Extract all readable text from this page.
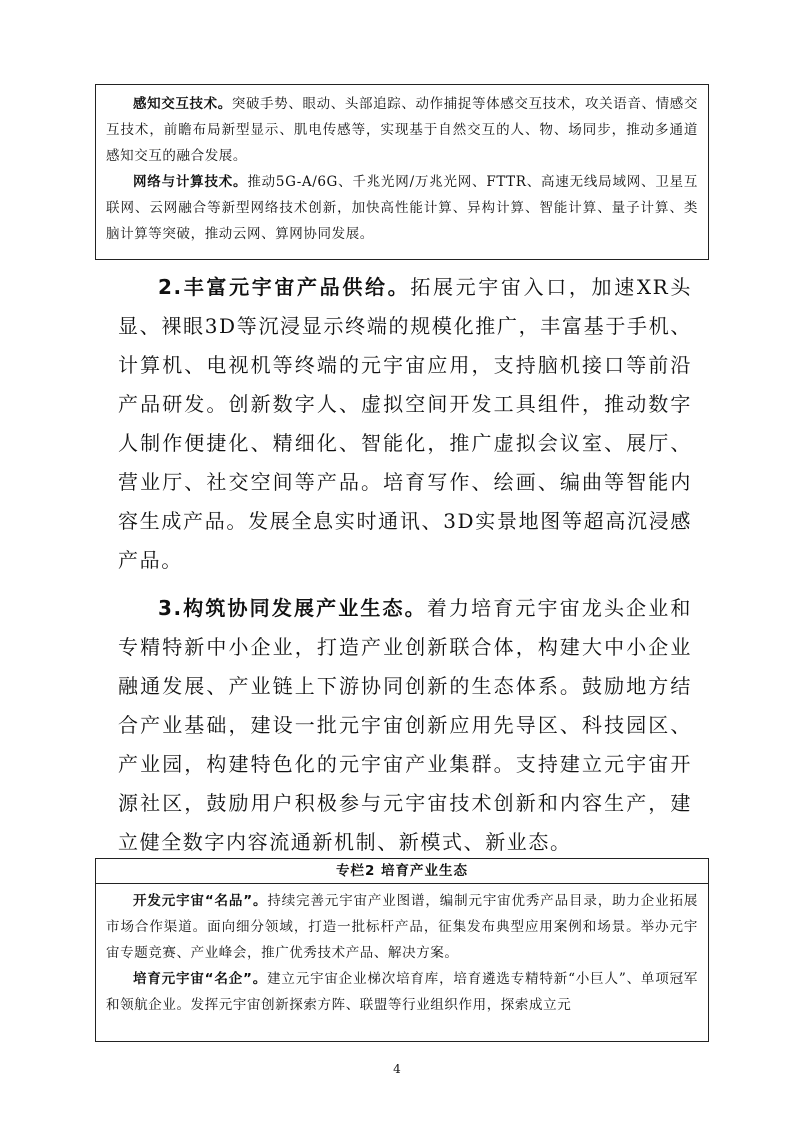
感知交互技术。突破手势、眼动、头部追踪、动作捕捉等体感交互技术，攻关语音、情感交互技术，前瞻布局新型显示、肌电传感等，实现基于自然交互的人、物、场同步，推动多通道感知交互的融合发展。

网络与计算技术。推动5G-A/6G、千兆光网/万兆光网、FTTR、高速无线局域网、卫星互联网、云网融合等新型网络技术创新，加快高性能计算、异构计算、智能计算、量子计算、类脑计算等突破，推动云网、算网协同发展。

2.丰富元宇宙产品供给。拓展元宇宙入口，加速XR头显、裸眼3D等沉浸显示终端的规模化推广，丰富基于手机、计算机、电视机等终端的元宇宙应用，支持脑机接口等前沿产品研发。创新数字人、虚拟空间开发工具组件，推动数字人制作便捷化、精细化、智能化，推广虚拟会议室、展厅、营业厅、社交空间等产品。培育写作、绘画、编曲等智能内容生成产品。发展全息实时通讯、3D实景地图等超高沉浸感产品。

3.构筑协同发展产业生态。着力培育元宇宙龙头企业和专精特新中小企业，打造产业创新联合体，构建大中小企业融通发展、产业链上下游协同创新的生态体系。鼓励地方结合产业基础，建设一批元宇宙创新应用先导区、科技园区、产业园，构建特色化的元宇宙产业集群。支持建立元宇宙开源社区，鼓励用户积极参与元宇宙技术创新和内容生产，建立健全数字内容流通新机制、新模式、新业态。

专栏2 培育产业生态

开发元宇宙“名品”。持续完善元宇宙产业图谱，编制元宇宙优秀产品目录，助力企业拓展市场合作渠道。面向细分领域，打造一批标杆产品，征集发布典型应用案例和场景。举办元宇宙专题竞赛、产业峰会，推广优秀技术产品、解决方案。

培育元宇宙“名企”。建立元宇宙企业梯次培育库，培育遴选专精特新“小巨人”、单项冠军和领航企业。发挥元宇宙创新探索方阵、联盟等行业组织作用，探索成立元

4
